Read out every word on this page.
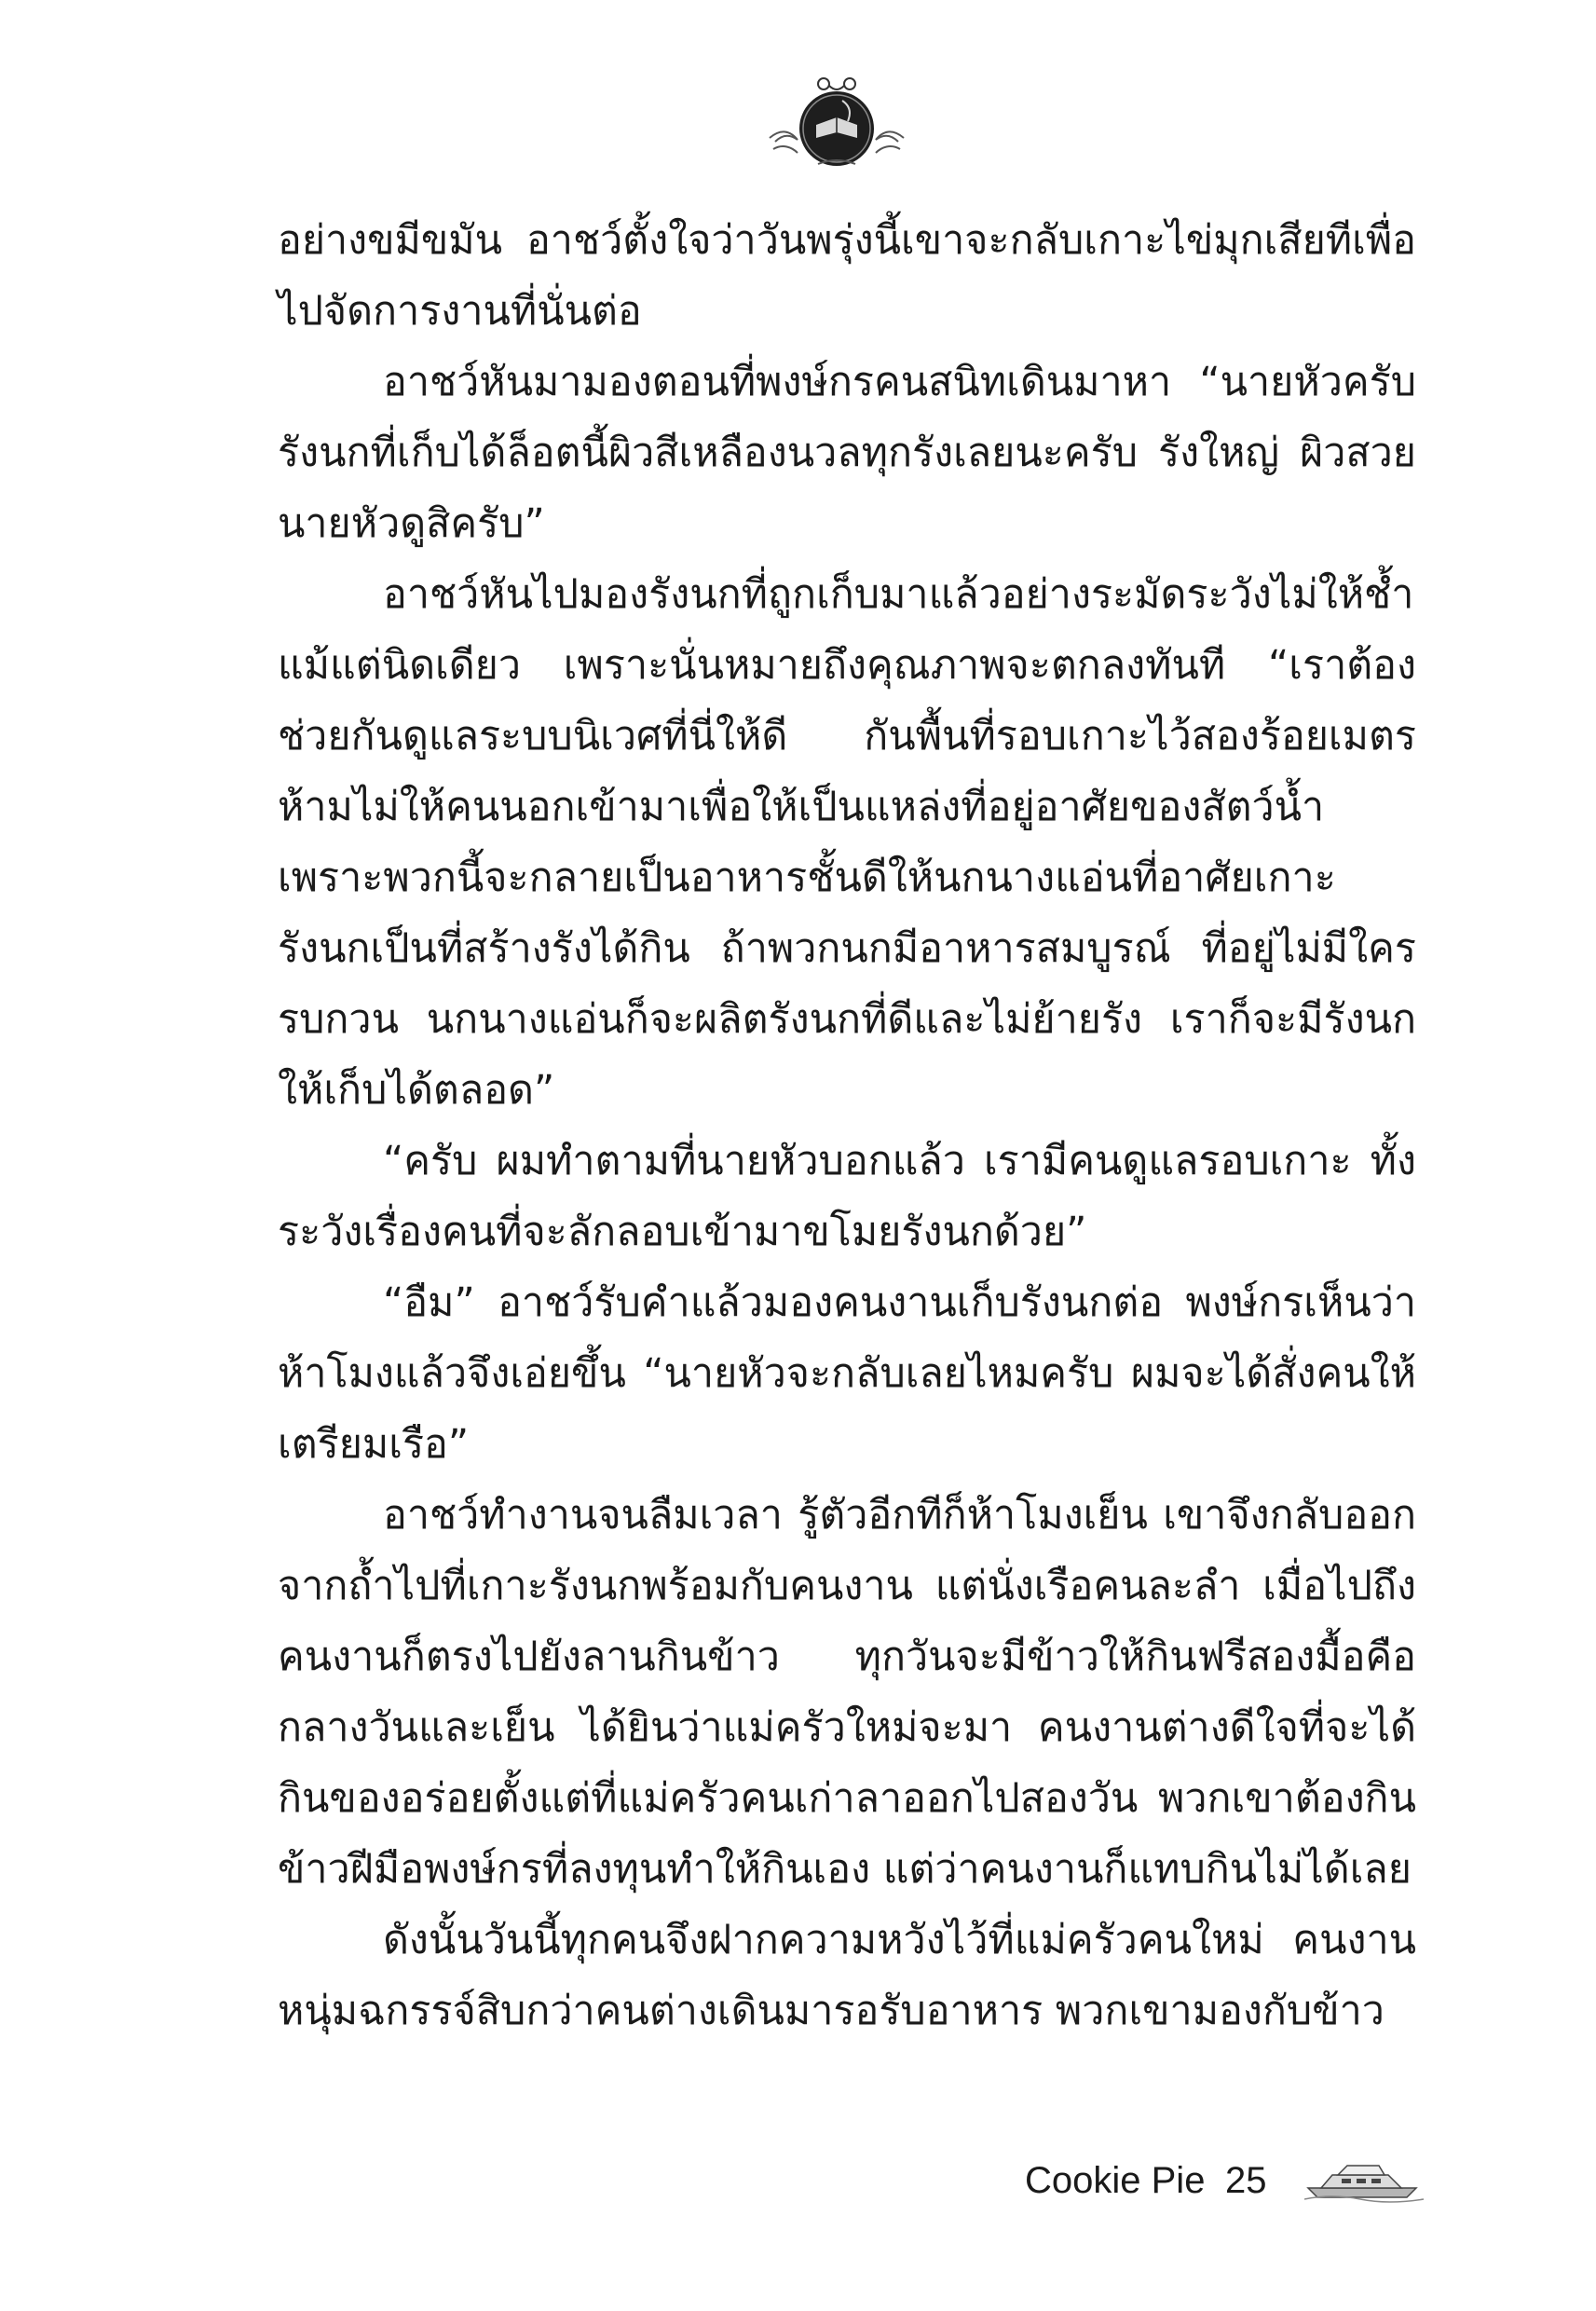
อย่างขมีขมัน อาชว์ตั้งใจว่าวันพรุ่งนี้เขาจะกลับเกาะไข่มุกเสียทีเพื่อไปจัดการงานที่นั่นต่อ

อาชว์หันมามองตอนที่พงษ์กรคนสนิทเดินมาหา “นายหัวครับ รังนกที่เก็บได้ล็อตนี้ผิวสีเหลืองนวลทุกรังเลยนะครับ รังใหญ่ ผิวสวย นายหัวดูสิครับ”

อาชว์หันไปมองรังนกที่ถูกเก็บมาแล้วอย่างระมัดระวังไม่ให้ช้ำแม้แต่นิดเดียว เพราะนั่นหมายถึงคุณภาพจะตกลงทันที “เราต้องช่วยกันดูแลระบบนิเวศที่นี่ให้ดี กันพื้นที่รอบเกาะไว้สองร้อยเมตรห้ามไม่ให้คนนอกเข้ามาเพื่อให้เป็นแหล่งที่อยู่อาศัยของสัตว์น้ำเพราะพวกนี้จะกลายเป็นอาหารชั้นดีให้นกนางแอ่นที่อาศัยเกาะรังนกเป็นที่สร้างรังได้กิน ถ้าพวกนกมีอาหารสมบูรณ์ ที่อยู่ไม่มีใครรบกวน นกนางแอ่นก็จะผลิตรังนกที่ดีและไม่ย้ายรัง เราก็จะมีรังนกให้เก็บได้ตลอด”

“ครับ ผมทำตามที่นายหัวบอกแล้ว เรามีคนดูแลรอบเกาะ ทั้งระวังเรื่องคนที่จะลักลอบเข้ามาขโมยรังนกด้วย”

“อืม” อาชว์รับคำแล้วมองคนงานเก็บรังนกต่อ พงษ์กรเห็นว่าห้าโมงแล้วจึงเอ่ยขึ้น “นายหัวจะกลับเลยไหมครับ ผมจะได้สั่งคนให้เตรียมเรือ”

อาชว์ทำงานจนลืมเวลา รู้ตัวอีกทีก็ห้าโมงเย็น เขาจึงกลับออกจากถ้ำไปที่เกาะรังนกพร้อมกับคนงาน แต่นั่งเรือคนละลำ เมื่อไปถึงคนงานก็ตรงไปยังลานกินข้าว ทุกวันจะมีข้าวให้กินฟรีสองมื้อคือกลางวันและเย็น ได้ยินว่าแม่ครัวใหม่จะมา คนงานต่างดีใจที่จะได้กินของอร่อยตั้งแต่ที่แม่ครัวคนเก่าลาออกไปสองวัน พวกเขาต้องกินข้าวฝีมือพงษ์กรที่ลงทุนทำให้กินเอง แต่ว่าคนงานก็แทบกินไม่ได้เลย

ดังนั้นวันนี้ทุกคนจึงฝากความหวังไว้ที่แม่ครัวคนใหม่ คนงานหนุ่มฉกรรจ์สิบกว่าคนต่างเดินมารอรับอาหาร พวกเขามองกับข้าว

Cookie Pie 25
